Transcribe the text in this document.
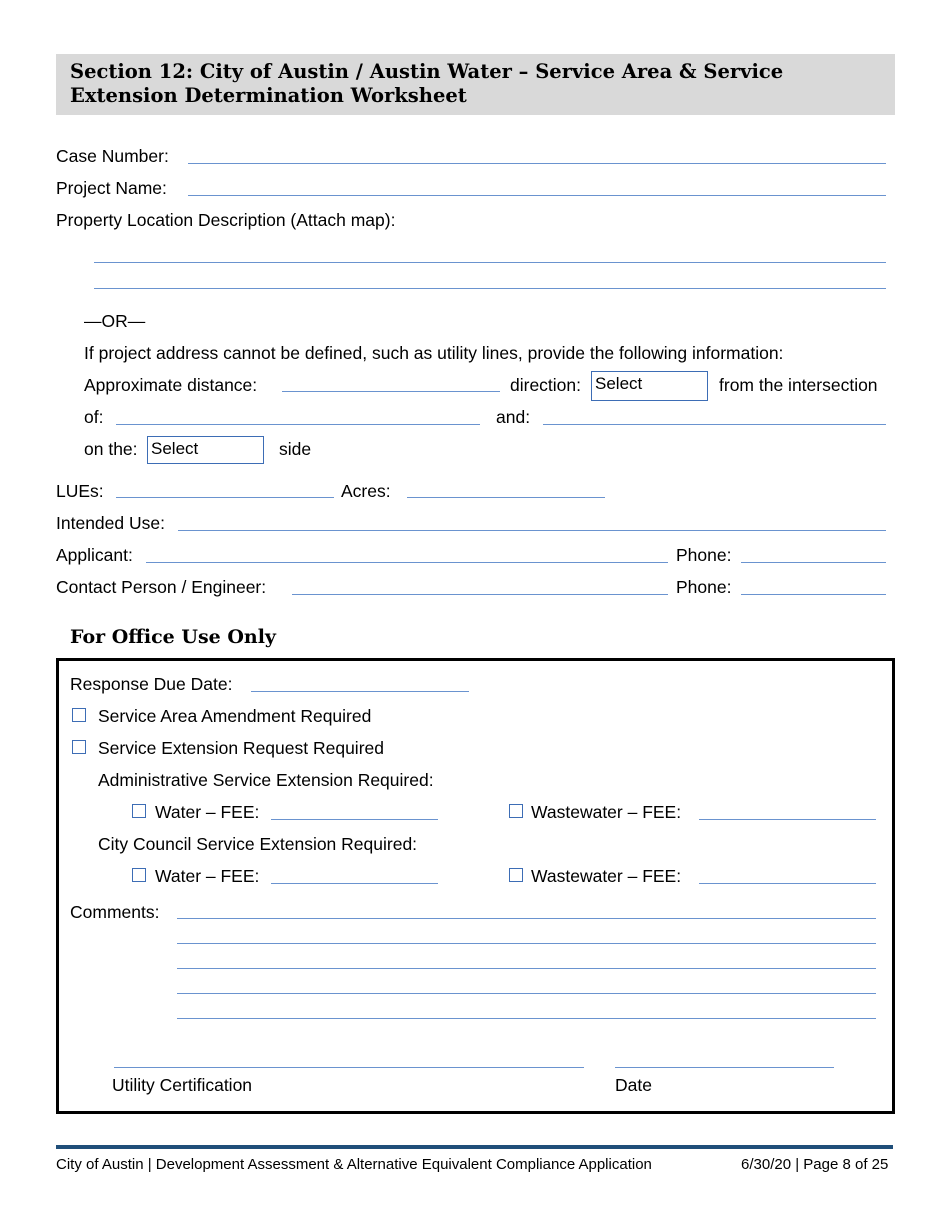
Section 12: City of Austin / Austin Water – Service Area & Service Extension Determination Worksheet
Case Number:
Project Name:
Property Location Description (Attach map):
—OR—
If project address cannot be defined, such as utility lines, provide the following information:
Approximate distance:	direction: Select	from the intersection
of:	and:
on the: Select	side
LUEs:	Acres:
Intended Use:
Applicant:	Phone:
Contact Person / Engineer:	Phone:
For Office Use Only
Response Due Date:
Service Area Amendment Required
Service Extension Request Required
Administrative Service Extension Required:
Water – FEE:	Wastewater – FEE:
City Council Service Extension Required:
Water – FEE:	Wastewater – FEE:
Comments:
Utility Certification	Date
City of Austin | Development Assessment & Alternative Equivalent Compliance Application	6/30/20 | Page 8 of 25
